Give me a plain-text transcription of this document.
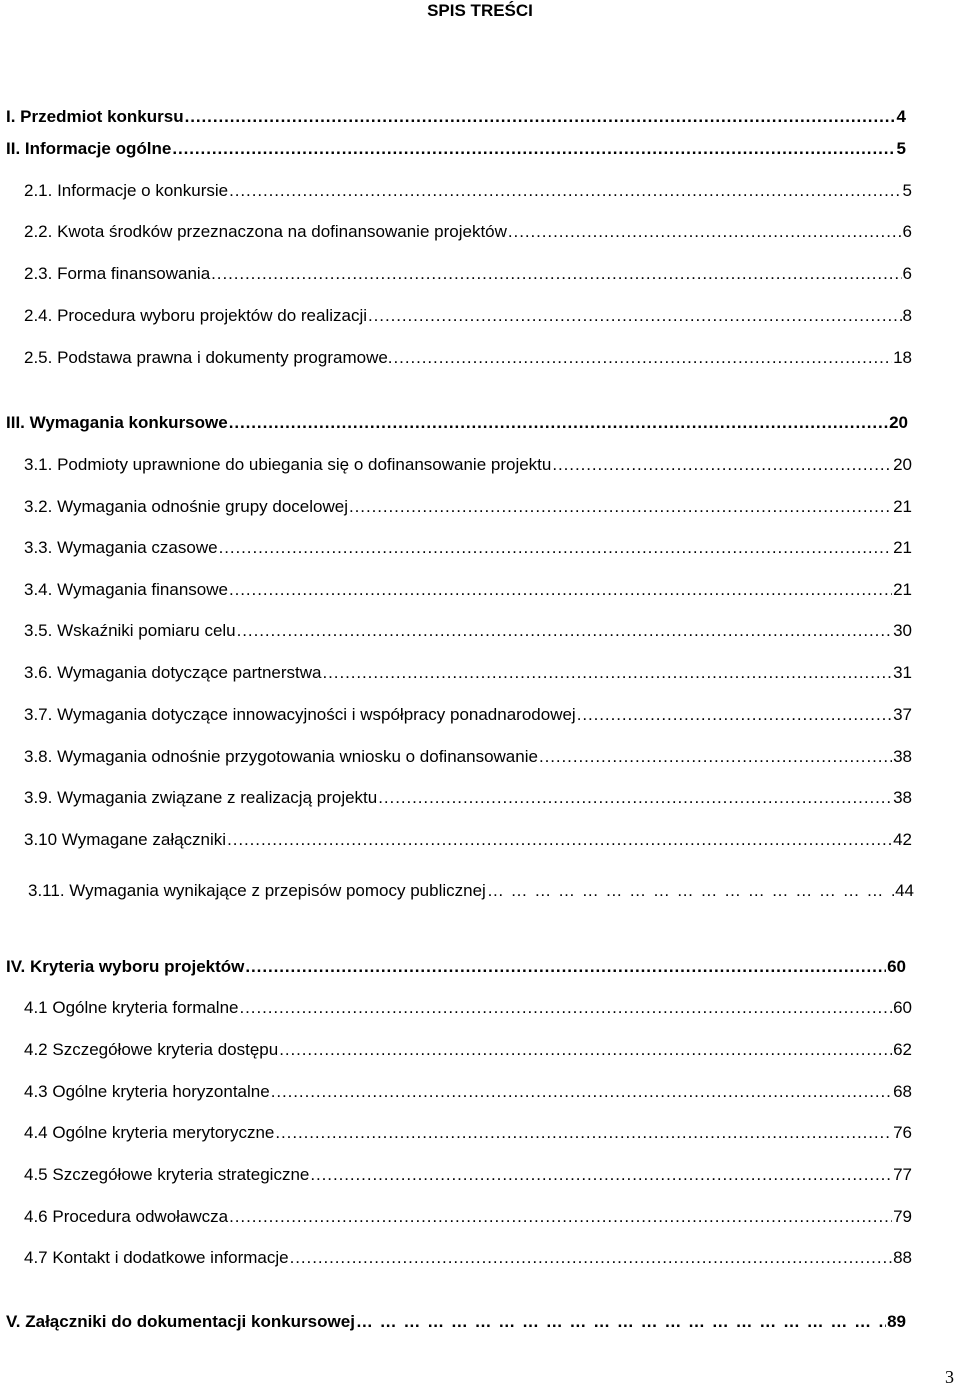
SPIS TREŚCI
I. Przedmiot konkursu . . .	4
II. Informacje ogólne . . .	5
2.1. Informacje o konkursie . . .	5
2.2. Kwota środków przeznaczona na dofinansowanie projektów . . .	6
2.3. Forma finansowania . . .	6
2.4. Procedura wyboru projektów do realizacji . . .	8
2.5. Podstawa prawna i dokumenty programowe. . . .	18
III. Wymagania konkursowe . . .	20
3.1. Podmioty uprawnione do ubiegania się o dofinansowanie projektu . . .	20
3.2. Wymagania odnośnie grupy docelowej . . .	21
3.3. Wymagania czasowe . . .	21
3.4. Wymagania finansowe . . .	21
3.5. Wskaźniki pomiaru celu . . .	30
3.6. Wymagania dotyczące partnerstwa . . .	31
3.7. Wymagania dotyczące innowacyjności i współpracy ponadnarodowej . . .	37
3.8. Wymagania odnośnie przygotowania wniosku o dofinansowanie . . .	38
3.9. Wymagania związane z realizacją projektu . . .	38
3.10 Wymagane załączniki . . .	42
3.11. Wymagania wynikające z przepisów pomocy publicznej … … … … … … … … … … … … … … … … … … … … … … … … … … … … … … … … … … … … … … … … … … … …	44
IV. Kryteria wyboru projektów . . .	60
4.1 Ogólne kryteria formalne . . .	60
4.2 Szczegółowe kryteria dostępu . . .	62
4.3 Ogólne kryteria horyzontalne . . .	68
4.4 Ogólne kryteria merytoryczne . . .	76
4.5 Szczegółowe kryteria strategiczne . . .	77
4.6 Procedura odwoławcza . . .	79
4.7 Kontakt i dodatkowe informacje . . .	88
V. Załączniki do dokumentacji konkursowej … … … … … … … … … … … … … … … … … … … … … … … … … … … … … … … … … … … … … … … … … … … …	89
3
